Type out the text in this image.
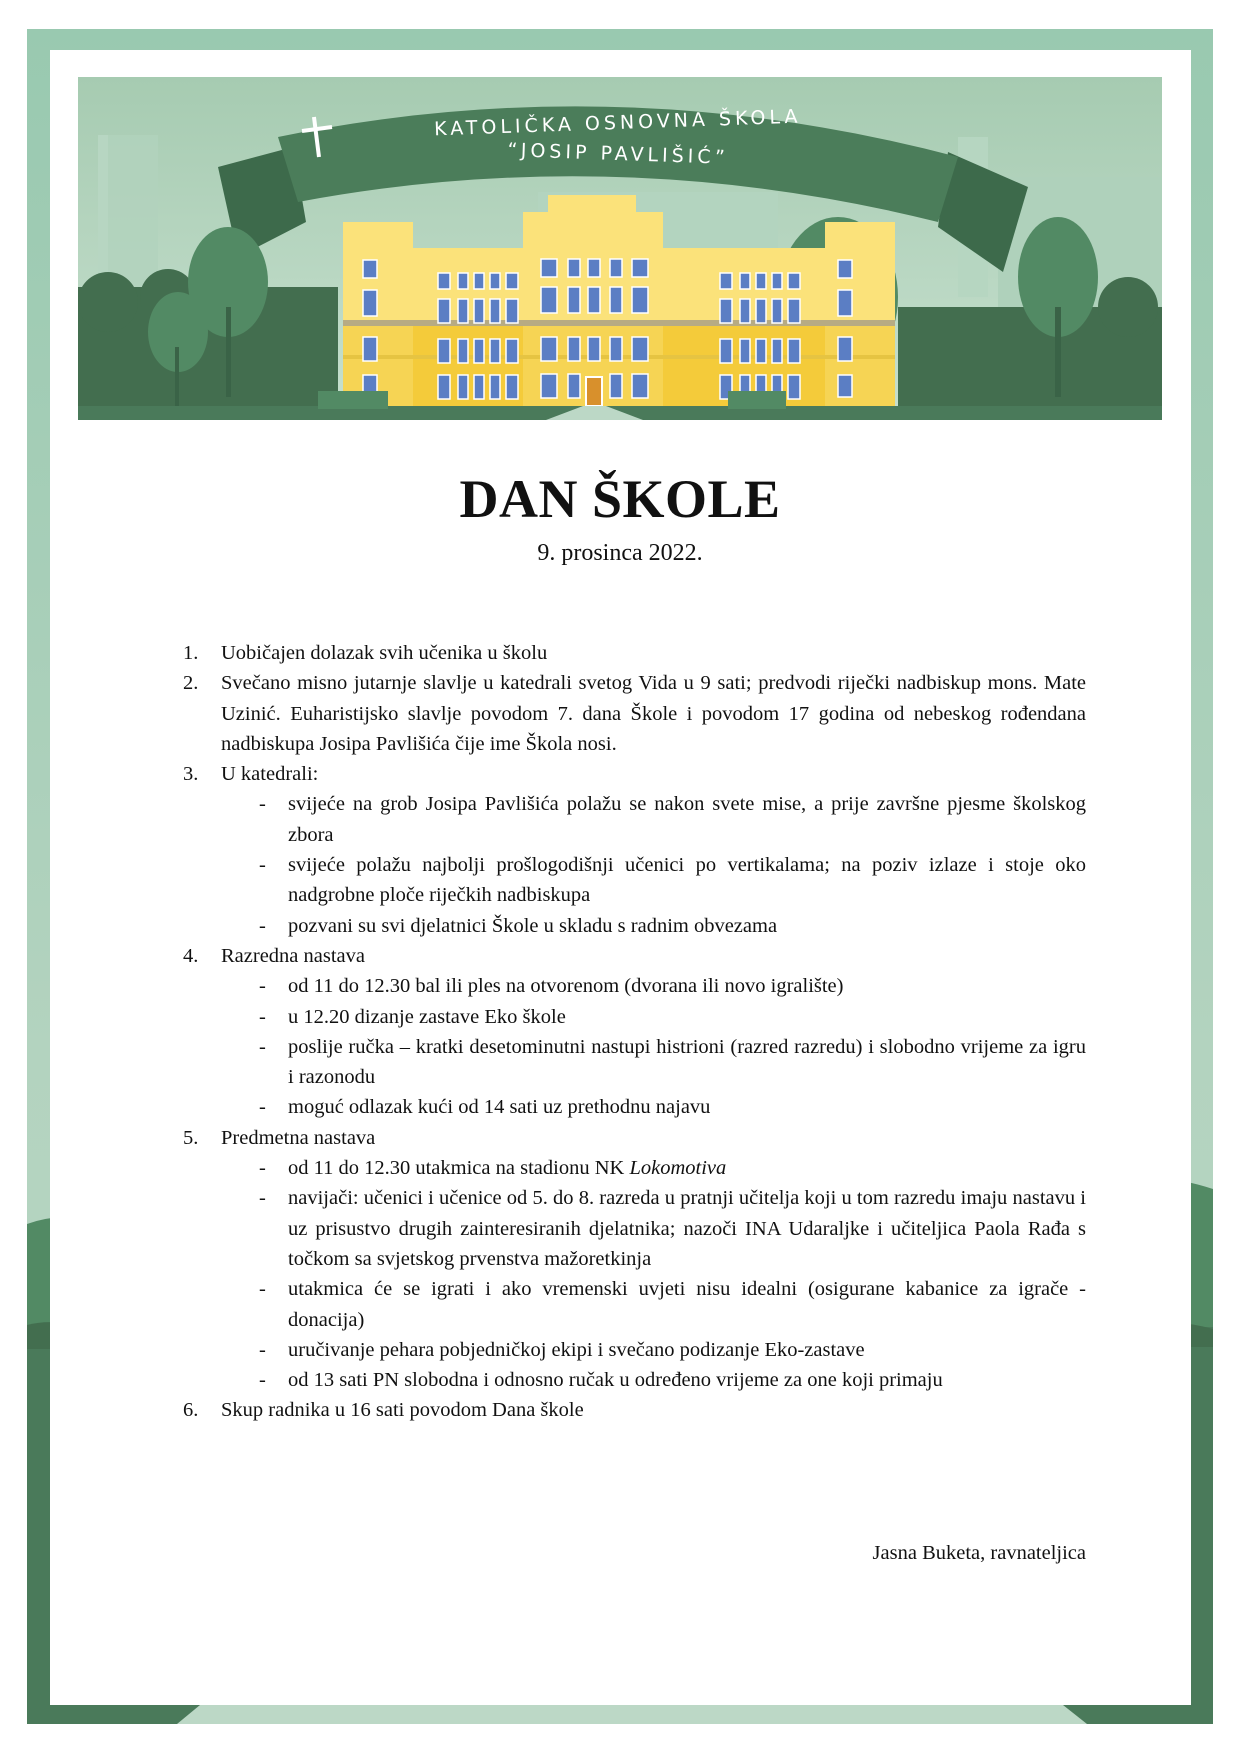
KATOLIČKA OSNOVNA ŠKOLA
“JOSIP PAVLIŠIĆ”
DAN ŠKOLE
9. prosinca 2022.
1. Uobičajen dolazak svih učenika u školu
2. Svečano misno jutarnje slavlje u katedrali svetog Vida u 9 sati; predvodi riječki nadbiskup mons. Mate Uzinić. Euharistijsko slavlje povodom 7. dana Škole i povodom 17 godina od nebeskog rođendana nadbiskupa Josipa Pavlišića čije ime Škola nosi.
3. U katedrali:
- svijeće na grob Josipa Pavlišića polažu se nakon svete mise, a prije završne pjesme školskog zbora
- svijeće polažu najbolji prošlogodišnji učenici po vertikalama; na poziv izlaze i stoje oko nadgrobne ploče riječkih nadbiskupa
- pozvani su svi djelatnici Škole u skladu s radnim obvezama
4. Razredna nastava
- od 11 do 12.30 bal ili ples na otvorenom (dvorana ili novo igralište)
- u 12.20 dizanje zastave Eko škole
- poslije ručka – kratki desetominutni nastupi histrioni (razred razredu) i slobodno vrijeme za igru i razonodu
- moguć odlazak kući od 14 sati uz prethodnu najavu
5. Predmetna nastava
- od 11 do 12.30 utakmica na stadionu NK Lokomotiva
- navijači: učenici i učenice od 5. do 8. razreda u pratnji učitelja koji u tom razredu imaju nastavu i uz prisustvo drugih zainteresiranih djelatnika; nazoči INA Udaraljke i učiteljica Paola Rađa s točkom sa svjetskog prvenstva mažoretkinja
- utakmica će se igrati i ako vremenski uvjeti nisu idealni (osigurane kabanice za igrače - donacija)
- uručivanje pehara pobjedničkoj ekipi i svečano podizanje Eko-zastave
- od 13 sati PN slobodna i odnosno ručak u određeno vrijeme za one koji primaju
6. Skup radnika u 16 sati povodom Dana škole
Jasna Buketa, ravnateljica
